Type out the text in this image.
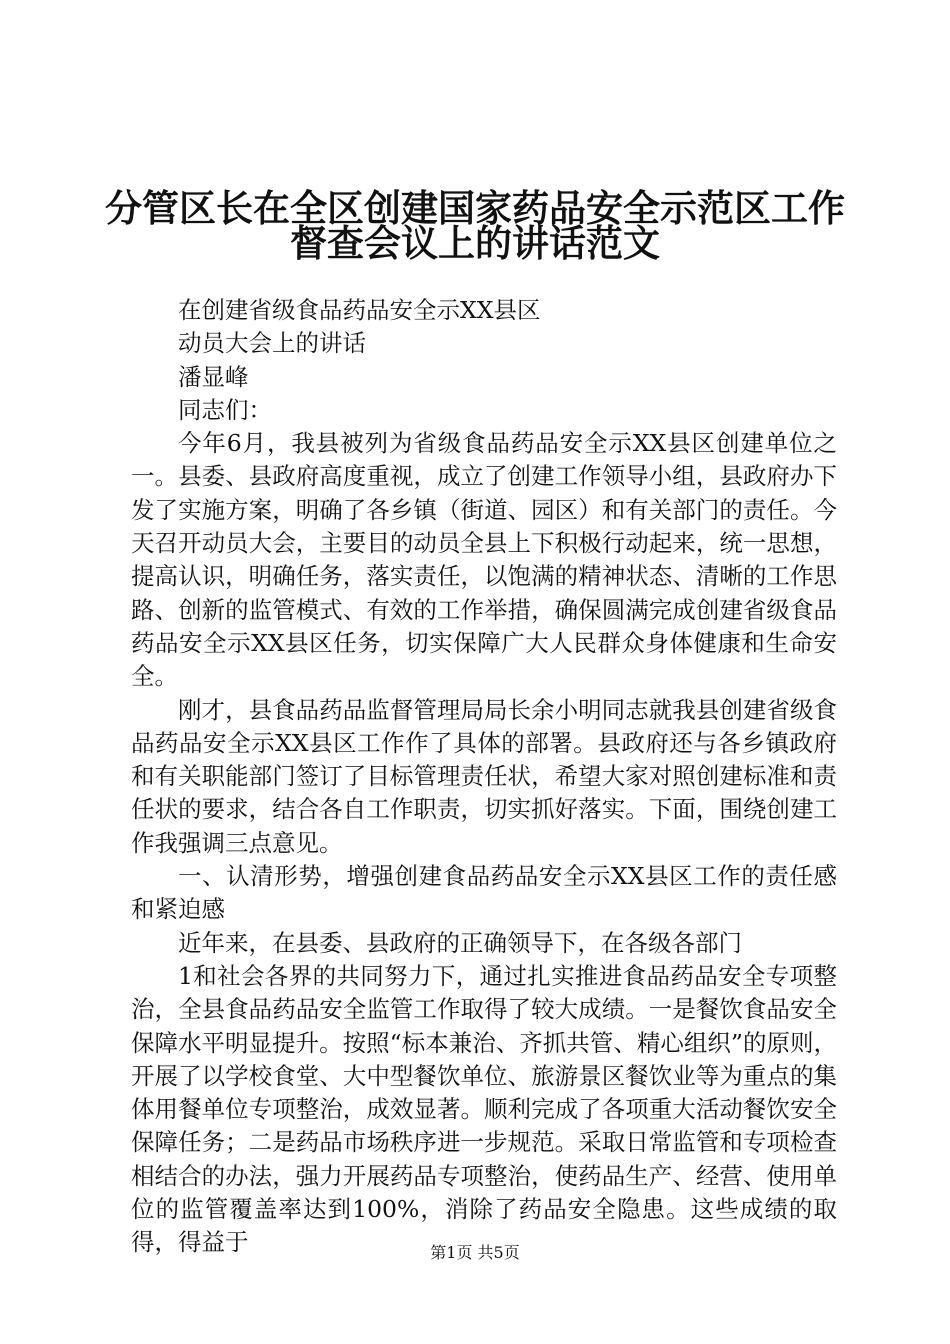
分管区长在全区创建国家药品安全示范区工作
督查会议上的讲话范文

在创建省级食品药品安全示XX县区

动员大会上的讲话

潘显峰

同志们：

今年6月，我县被列为省级食品药品安全示XX县区创建单位之一。县委、县政府高度重视，成立了创建工作领导小组，县政府办下发了实施方案，明确了各乡镇（街道、园区）和有关部门的责任。今天召开动员大会，主要目的动员全县上下积极行动起来，统一思想，提高认识，明确任务，落实责任，以饱满的精神状态、清晰的工作思路、创新的监管模式、有效的工作举措，确保圆满完成创建省级食品药品安全示XX县区任务，切实保障广大人民群众身体健康和生命安全。

刚才，县食品药品监督管理局局长余小明同志就我县创建省级食品药品安全示XX县区工作作了具体的部署。县政府还与各乡镇政府和有关职能部门签订了目标管理责任状，希望大家对照创建标准和责任状的要求，结合各自工作职责，切实抓好落实。下面，围绕创建工作我强调三点意见。

一、认清形势，增强创建食品药品安全示XX县区工作的责任感和紧迫感

近年来，在县委、县政府的正确领导下，在各级各部门

1和社会各界的共同努力下，通过扎实推进食品药品安全专项整治，全县食品药品安全监管工作取得了较大成绩。一是餐饮食品安全保障水平明显提升。按照“标本兼治、齐抓共管、精心组织”的原则，开展了以学校食堂、大中型餐饮单位、旅游景区餐饮业等为重点的集体用餐单位专项整治，成效显著。顺利完成了各项重大活动餐饮安全保障任务；二是药品市场秩序进一步规范。采取日常监管和专项检查相结合的办法，强力开展药品专项整治，使药品生产、经营、使用单位的监管覆盖率达到100%，消除了药品安全隐患。这些成绩的取得，得益于	第1页 共5页
